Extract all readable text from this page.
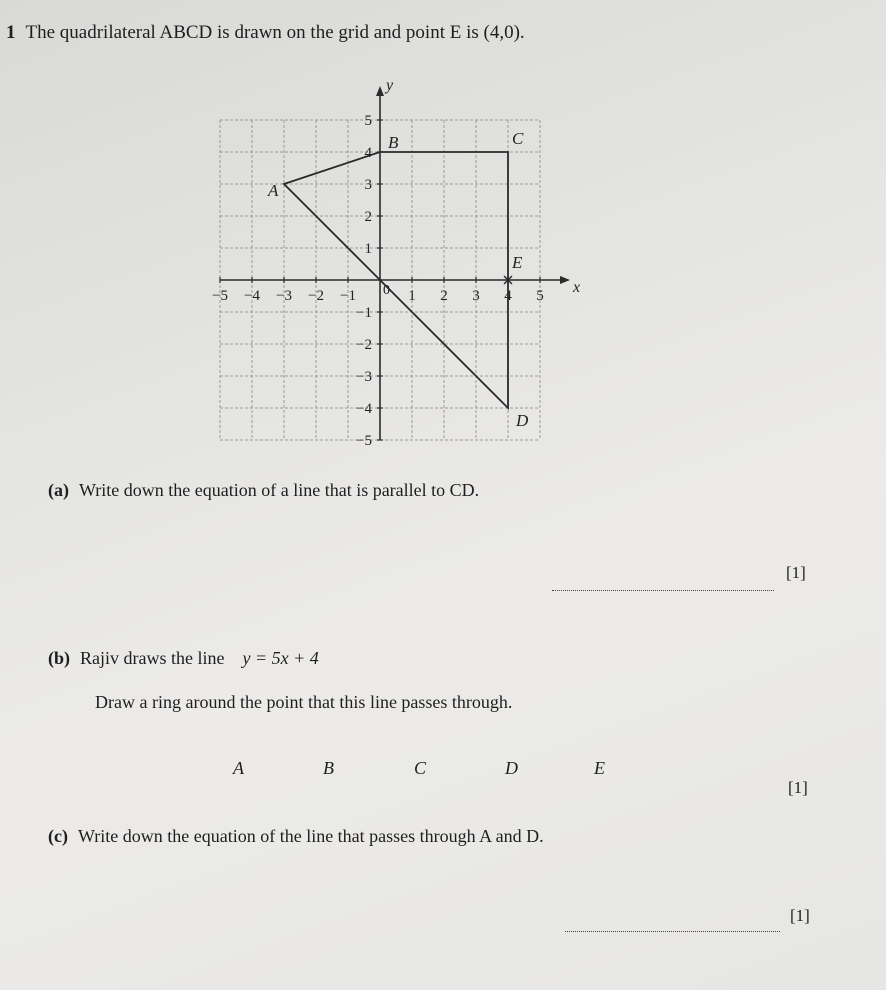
1 The quadrilateral ABCD is drawn on the grid and point E is (4,0).
−5 −4 −3 −2 −1	1 2 3 4 5
5
4
3
2
1
−1
−2
−3
−4
−5
0	x
y
A
B	C
D
E
(a) Write down the equation of a line that is parallel to CD.
[1]
(b) Rajiv draws the line y = 5x + 4
Draw a ring around the point that this line passes through.
A	B	C	D	E
[1]
(c) Write down the equation of the line that passes through A and D.
[1]
